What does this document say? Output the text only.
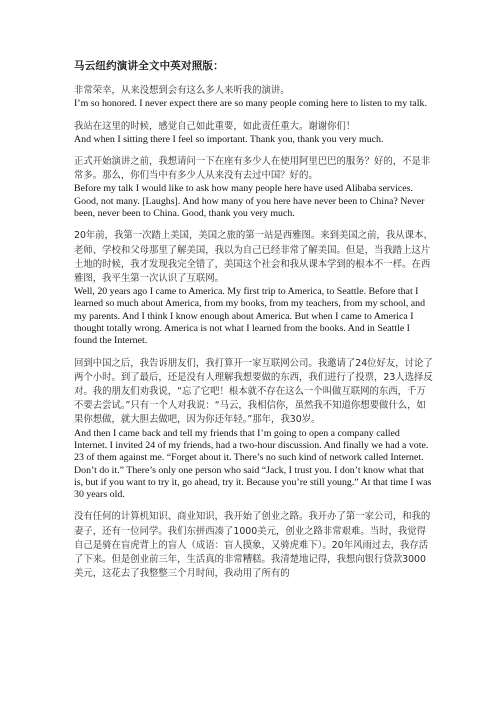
马云纽约演讲全文中英对照版：

非常荣幸，从来没想到会有这么多人来听我的演讲。

I’m so honored. I never expect there are so many people coming here to listen to my talk.

我站在这里的时候，感觉自己如此重要，如此责任重大。谢谢你们！

And when I sitting there I feel so important. Thank you, thank you very much.

正式开始演讲之前，我想请问一下在座有多少人在使用阿里巴巴的服务？好的，不是非常多。那么，你们当中有多少人从来没有去过中国？好的。

Before my talk I would like to ask how many people here have used Alibaba services. Good, not many. [Laughs]. And how many of you here have never been to China? Never been, never been to China. Good, thank you very much.

20年前，我第一次踏上美国，美国之旅的第一站是西雅图。来到美国之前，我从课本、老师、学校和父母那里了解美国，我以为自己已经非常了解美国。但是，当我踏上这片土地的时候，我才发现我完全错了，美国这个社会和我从课本学到的根本不一样。在西雅图，我平生第一次认识了互联网。

Well, 20 years ago I came to America. My first trip to America, to Seattle. Before that I learned so much about America, from my books, from my teachers, from my school, and my parents. And I think I know enough about America. But when I came to America I thought totally wrong. America is not what I learned from the books. And in Seattle I found the Internet.

回到中国之后，我告诉朋友们，我打算开一家互联网公司。我邀请了24位好友，讨论了两个小时。到了最后，还是没有人理解我想要做的东西，我们进行了投票，23人选择反对。我的朋友们劝我说，“忘了它吧！根本就不存在这么一个叫做互联网的东西，千万不要去尝试。”只有一个人对我说：“马云，我相信你，虽然我不知道你想要做什么，如果你想做，就大胆去做吧，因为你还年轻。”那年，我30岁。

And then I came back and tell my friends that I’m going to open a company called Internet. I invited 24 of my friends, had a two-hour discussion. And finally we had a vote. 23 of them against me. “Forget about it. There’s no such kind of network called Internet. Don’t do it.” There’s only one person who said “Jack, I trust you. I don’t know what that is, but if you want to try it, go ahead, try it. Because you’re still young.” At that time I was 30 years old.

没有任何的计算机知识、商业知识，我开始了创业之路。我开办了第一家公司，和我的妻子，还有一位同学。我们东拼西凑了1000美元，创业之路非常艰难。当时，我觉得自己是骑在盲虎背上的盲人（成语：盲人摸象，又骑虎难下）。20年风雨过去，我存活了下来。但是创业前三年，生活真的非常糟糕。我清楚地记得，我想向银行贷款3000美元，这花去了我整整三个月时间，我动用了所有的
